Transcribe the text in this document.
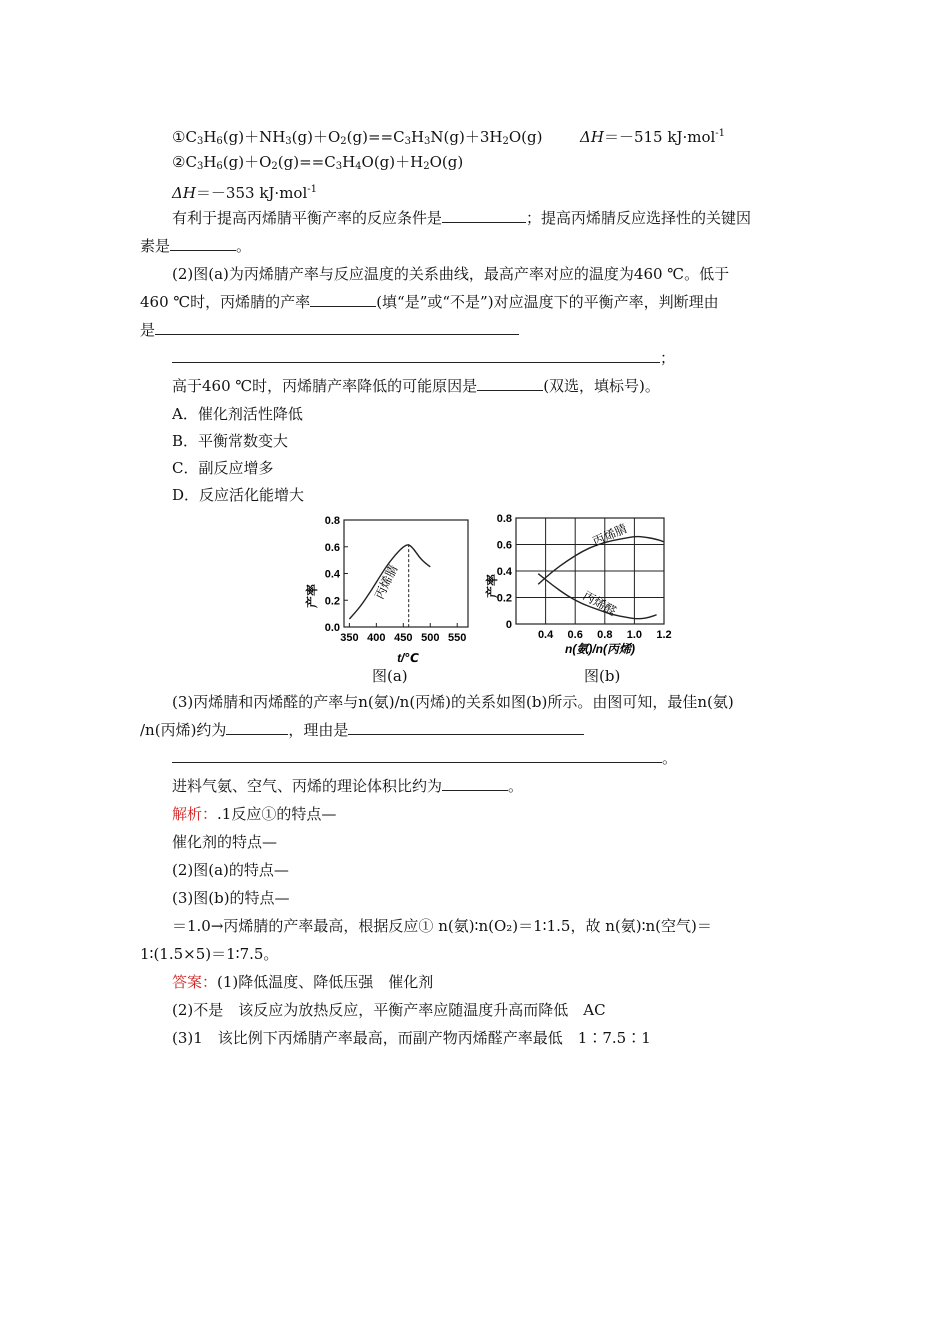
$①C_3H_6(g)+NH_3(g)+O_2(g)==C_3H_3N(g)+3H_2O(g)$	ΔH＝－515 kJ·mol$^{-1}$
$②C_3H_6(g)+O_2(g)==C_3H_4O(g)+H_2O(g)$
ΔH＝－353 kJ·mol$^{-1}$
有利于提高丙烯腈平衡产率的反应条件是	；提高丙烯腈反应选择性的关键因
素是	。
(2)图(a)为丙烯腈产率与反应温度的关系曲线，最高产率对应的温度为460 ℃。低于
460 ℃时，丙烯腈的产率	(填“是”或“不是”)对应温度下的平衡产率，判断理由
是
；
高于460 ℃时，丙烯腈产率降低的可能原因是	(双选，填标号)。
A．催化剂活性降低
B．平衡常数变大
C．副反应增多
D．反应活化能增大
0.0
0.2
0.4
0.6
0.8
350 400 450 500 550
产率
t/℃
丙烯腈
图(a)
0
0.2
0.4
0.6
0.8
0.4 0.6 0.8 1.0 1.2
产率
n(氨)/n(丙烯)
丙烯腈
丙烯醛
图(b)
(3)丙烯腈和丙烯醛的产率与n(氨)/n(丙烯)的关系如图(b)所示。由图可知，最佳n(氨)
/n(丙烯)约为	，理由是
。
进料气氨、空气、丙烯的理论体积比约为	。
解析：.1反应①的特点—
催化剂的特点—
(2)图(a)的特点—
(3)图(b)的特点—
＝1.0→丙烯腈的产率最高，根据反应① n(氨)∶n(O₂)＝1∶1.5，故 n(氨)∶n(空气)＝
1∶(1.5×5)＝1∶7.5。
答案：(1)降低温度、降低压强　催化剂
(2)不是　该反应为放热反应，平衡产率应随温度升高而降低　AC
(3)1　该比例下丙烯腈产率最高，而副产物丙烯醛产率最低　1∶7.5∶1
